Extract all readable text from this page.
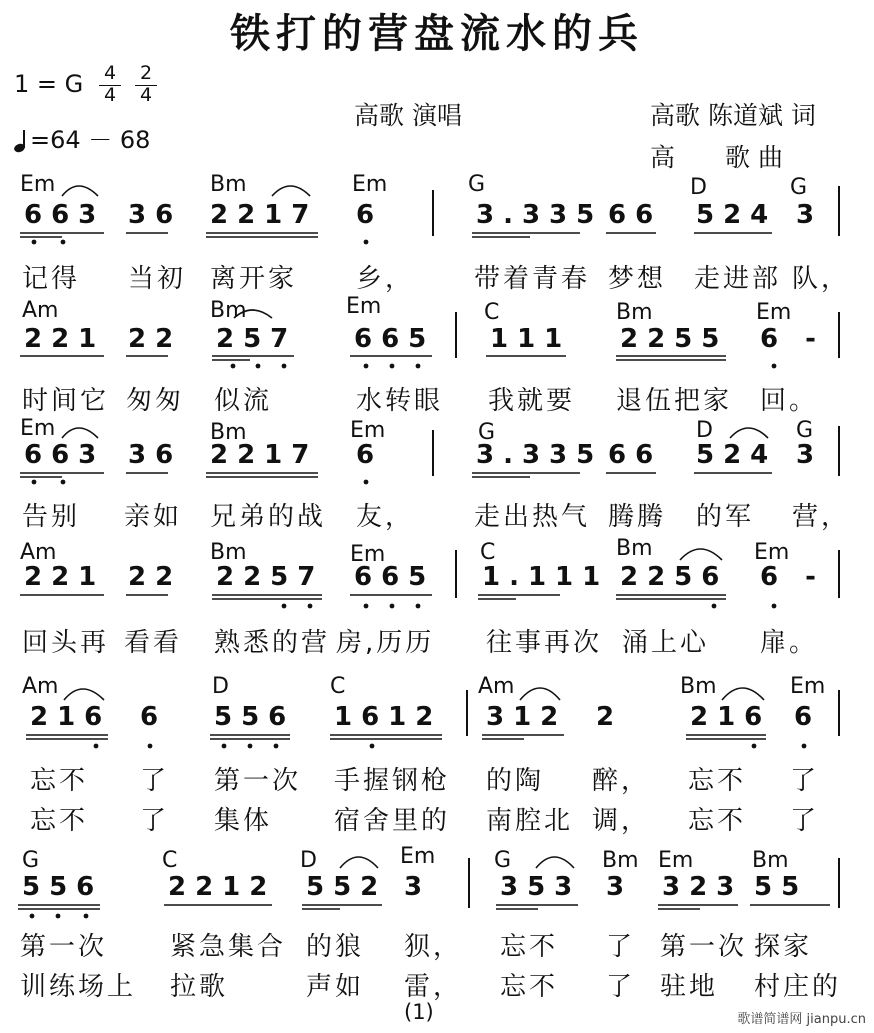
铁打的营盘流水的兵
1 = G	4
4
2
4
=64 － 68
高歌 演唱	高歌 陈道斌 词
高　　歌 曲
Em	Bm	Em	G	D	G
663 36 2217 6	3.335 66 524 3
记得 当初 离开家 乡， 带着青春 梦想 走进部 队，
Am	Bm	Em	C	Bm	Em
221 22 257 665 111 2255 6 -
时间它 匆匆 似流	水转眼 我就要 退伍把家 回。
Em	Bm	Em	G	D	G
663 36 2217 6	3.335 66 524 3
告别 亲如 兄弟的战 友， 走出热气 腾腾 的军 营，
Am	Bm	Em	C	Bm	Em
221 22 2257 665 1.111 2256 6 -
回头再 看看 熟悉的营 房,历历 往事再次 涌上心 扉。
Am	D	C	Am	Bm	Em
216 6 556 1612 312 2	216 6
忘不 了 第一次 手握钢枪 的陶 醉， 忘不 了
忘不 了 集体 宿舍里的 南腔北 调， 忘不 了
G	C	D	Em	G	Bm Em	Bm
556 2212 552 3	353 3 323 55
第一次 紧急集合 的狼 狈， 忘不 了 第一次 探家
训练场上 拉歌	声如 雷， 忘不 了 驻地 村庄的
(1)	歌谱简谱网 jianpu.cn
